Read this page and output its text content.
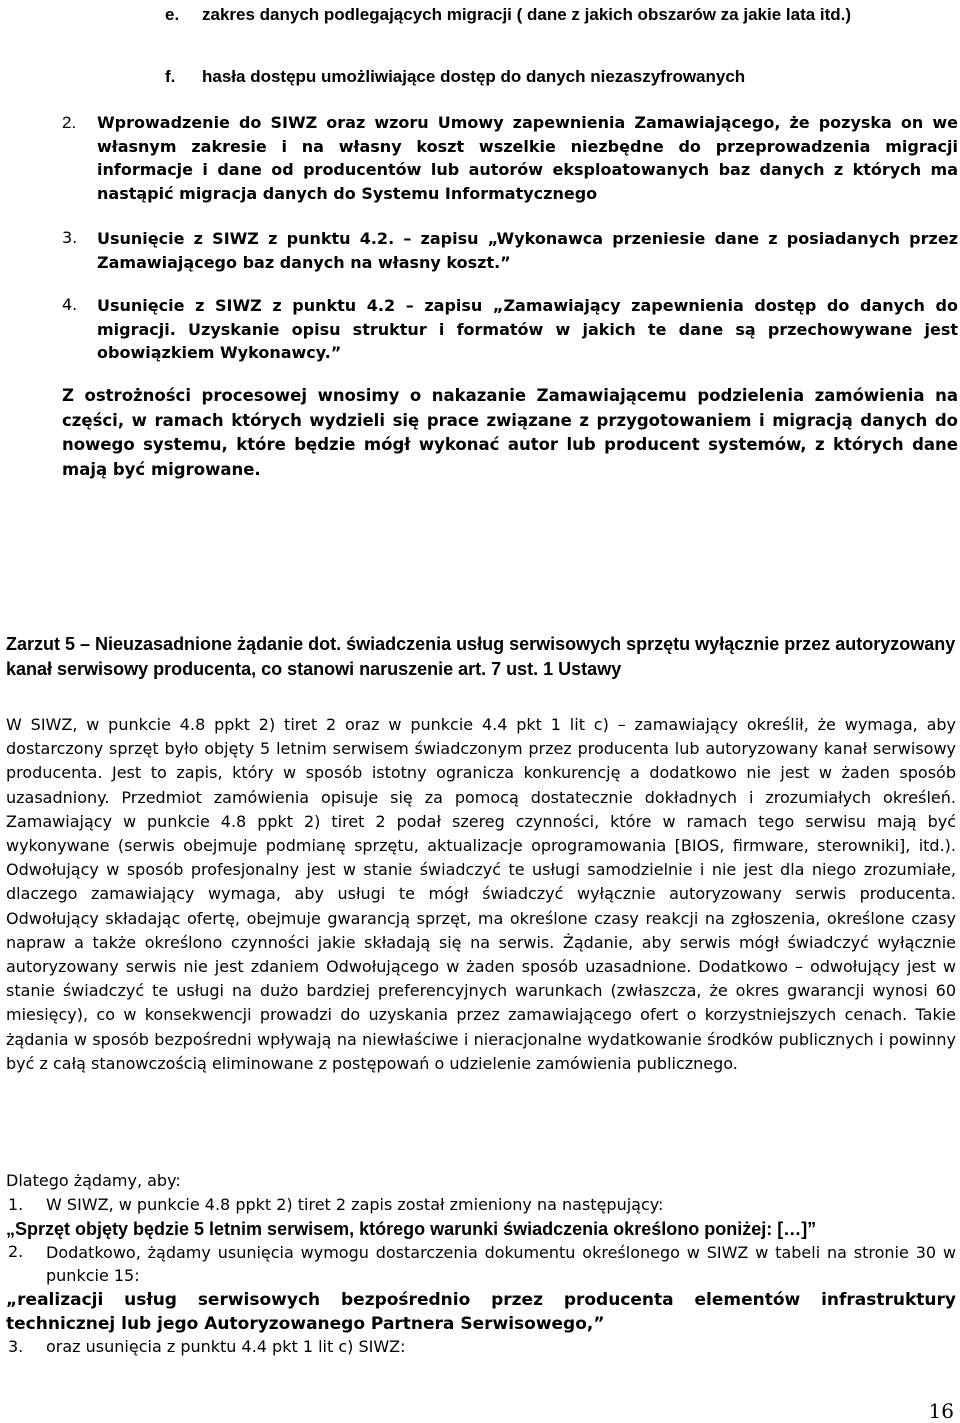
e. zakres danych podlegających migracji ( dane z jakich obszarów za jakie lata itd.)
f. hasła dostępu umożliwiające dostęp do danych niezaszyfrowanych
2. Wprowadzenie do SIWZ oraz wzoru Umowy zapewnienia Zamawiającego, że pozyska on we własnym zakresie i na własny koszt wszelkie niezbędne do przeprowadzenia migracji informacje i dane od producentów lub autorów eksploatowanych baz danych z których ma nastąpić migracja danych do Systemu Informatycznego
3. Usunięcie z SIWZ z punktu 4.2. – zapisu „Wykonawca przeniesie dane z posiadanych przez Zamawiającego baz danych na własny koszt.”
4. Usunięcie z SIWZ z punktu 4.2 – zapisu „Zamawiający zapewnienia dostęp do danych do migracji. Uzyskanie opisu struktur i formatów w jakich te dane są przechowywane jest obowiązkiem Wykonawcy.”
Z ostrożności procesowej wnosimy o nakazanie Zamawiającemu podzielenia zamówienia na części, w ramach których wydzieli się prace związane z przygotowaniem i migracją danych do nowego systemu, które będzie mógł wykonać autor lub producent systemów, z których dane mają być migrowane.
Zarzut 5 – Nieuzasadnione żądanie dot. świadczenia usług serwisowych sprzętu wyłącznie przez autoryzowany kanał serwisowy producenta, co stanowi naruszenie art. 7 ust. 1 Ustawy
W SIWZ, w punkcie 4.8 ppkt 2) tiret 2 oraz w punkcie 4.4 pkt 1 lit c) – zamawiający określił, że wymaga, aby dostarczony sprzęt było objęty 5 letnim serwisem świadczonym przez producenta lub autoryzowany kanał serwisowy producenta. Jest to zapis, który w sposób istotny ogranicza konkurencję a dodatkowo nie jest w żaden sposób uzasadniony. Przedmiot zamówienia opisuje się za pomocą dostatecznie dokładnych i zrozumiałych określeń. Zamawiający w punkcie 4.8 ppkt 2) tiret 2 podał szereg czynności, które w ramach tego serwisu mają być wykonywane (serwis obejmuje podmianę sprzętu, aktualizacje oprogramowania [BIOS, firmware, sterowniki], itd.). Odwołujący w sposób profesjonalny jest w stanie świadczyć te usługi samodzielnie i nie jest dla niego zrozumiałe, dlaczego zamawiający wymaga, aby usługi te mógł świadczyć wyłącznie autoryzowany serwis producenta. Odwołujący składając ofertę, obejmuje gwarancją sprzęt, ma określone czasy reakcji na zgłoszenia, określone czasy napraw a także określono czynności jakie składają się na serwis. Żądanie, aby serwis mógł świadczyć wyłącznie autoryzowany serwis nie jest zdaniem Odwołującego w żaden sposób uzasadnione. Dodatkowo – odwołujący jest w stanie świadczyć te usługi na dużo bardziej preferencyjnych warunkach (zwłaszcza, że okres gwarancji wynosi 60 miesięcy), co w konsekwencji prowadzi do uzyskania przez zamawiającego ofert o korzystniejszych cenach. Takie żądania w sposób bezpośredni wpływają na niewłaściwe i nieracjonalne wydatkowanie środków publicznych i powinny być z całą stanowczością eliminowane z postępowań o udzielenie zamówienia publicznego.
Dlatego żądamy, aby:
1. W SIWZ, w punkcie 4.8 ppkt 2) tiret 2 zapis został zmieniony na następujący:
„Sprzęt objęty będzie 5 letnim serwisem, którego warunki świadczenia określono poniżej: […]”
2. Dodatkowo, żądamy usunięcia wymogu dostarczenia dokumentu określonego w SIWZ w tabeli na stronie 30 w punkcie 15:
„realizacji usług serwisowych bezpośrednio przez producenta elementów infrastruktury technicznej lub jego Autoryzowanego Partnera Serwisowego,”
3. oraz usunięcia z punktu 4.4 pkt 1 lit c) SIWZ:
16
